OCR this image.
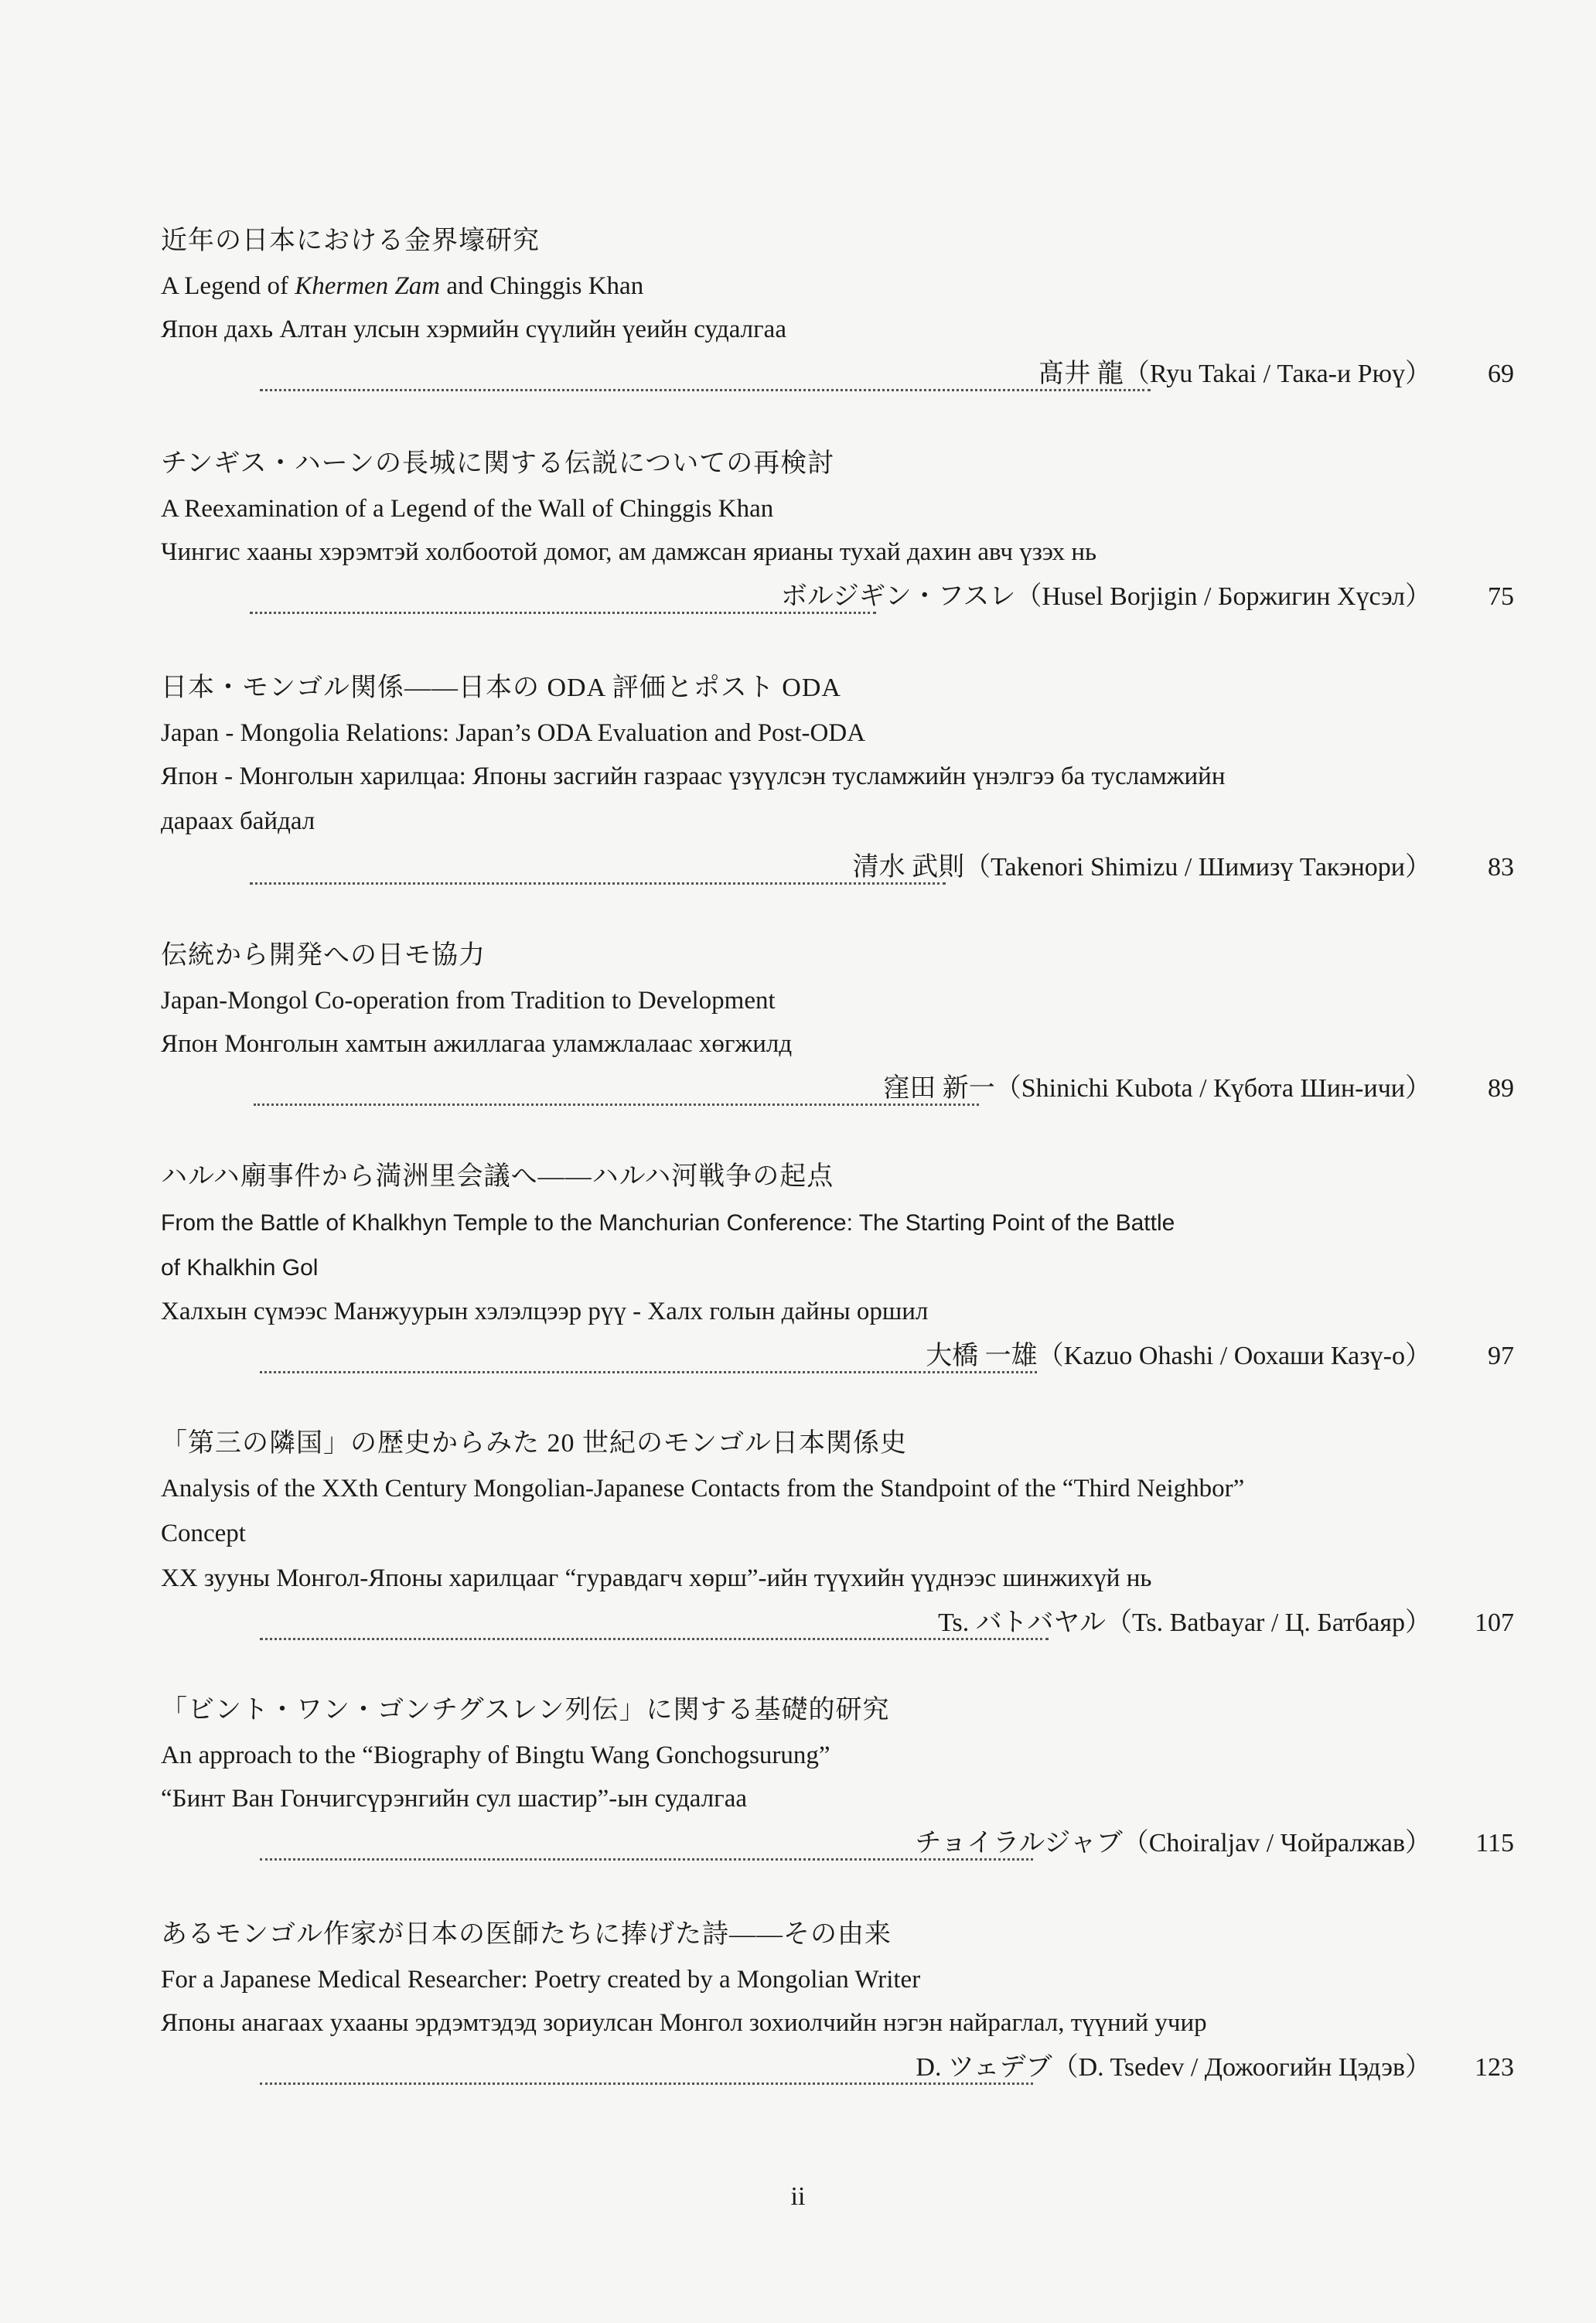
近年の日本における金界壕研究
A Legend of Khermen Zam and Chinggis Khan
Япон дахь Алтан улсын хэрмийн сүүлийн үеийн судалгаа
髙井 龍（Ryu Takai / Така-и Рюү）	69
チンギス・ハーンの長城に関する伝説についての再検討
A Reexamination of a Legend of the Wall of Chinggis Khan
Чингис хааны хэрэмтэй холбоотой домог, ам дамжсан ярианы тухай дахин авч үзэх нь
ボルジギン・フスレ（Husel Borjigin / Боржигин Хүсэл）	75
日本・モンゴル関係――日本の ODA 評価とポスト ODA
Japan - Mongolia Relations: Japan’s ODA Evaluation and Post-ODA
Япон - Монголын харилцаа: Японы засгийн газраас үзүүлсэн тусламжийн үнэлгээ ба тусламжийн
дараах байдал
清水 武則（Takenori Shimizu / Шимизү Такэнори）	83
伝統から開発への日モ協力
Japan-Mongol Co-operation from Tradition to Development
Япон Монголын хамтын ажиллагаа уламжлалаас хөгжилд
窪田 新一（Shinichi Kubota / Күбота Шин-ичи）	89
ハルハ廟事件から満洲里会議へ――ハルハ河戦争の起点
From the Battle of Khalkhyn Temple to the Manchurian Conference: The Starting Point of the Battle
of Khalkhin Gol
Халхын сүмээс Манжуурын хэлэлцээр рүү - Халх голын дайны оршил
大橋 一雄（Kazuo Ohashi / Оохаши Казү-о）	97
「第三の隣国」の歴史からみた 20 世紀のモンゴル日本関係史
Analysis of the XXth Century Mongolian-Japanese Contacts from the Standpoint of the “Third Neighbor”
Concept
XX зууны Монгол-Японы харилцааг “гуравдагч хөрш”-ийн түүхийн үүднээс шинжихүй нь
Ts. バトバヤル（Ts. Batbayar / Ц. Батбаяр）	107
「ビント・ワン・ゴンチグスレン列伝」に関する基礎的研究
An approach to the “Biography of Bingtu Wang Gonchogsurung”
“Бинт Ван Гончигсүрэнгийн сул шастир”-ын судалгаа
チョイラルジャブ（Choiraljav / Чойралжав）	115
あるモンゴル作家が日本の医師たちに捧げた詩――その由来
For a Japanese Medical Researcher: Poetry created by a Mongolian Writer
Японы анагаах ухааны эрдэмтэдэд зориулсан Монгол зохиолчийн нэгэн найраглал, түүний учир
D. ツェデブ（D. Tsedev / Дожоогийн Цэдэв）	123
ii
